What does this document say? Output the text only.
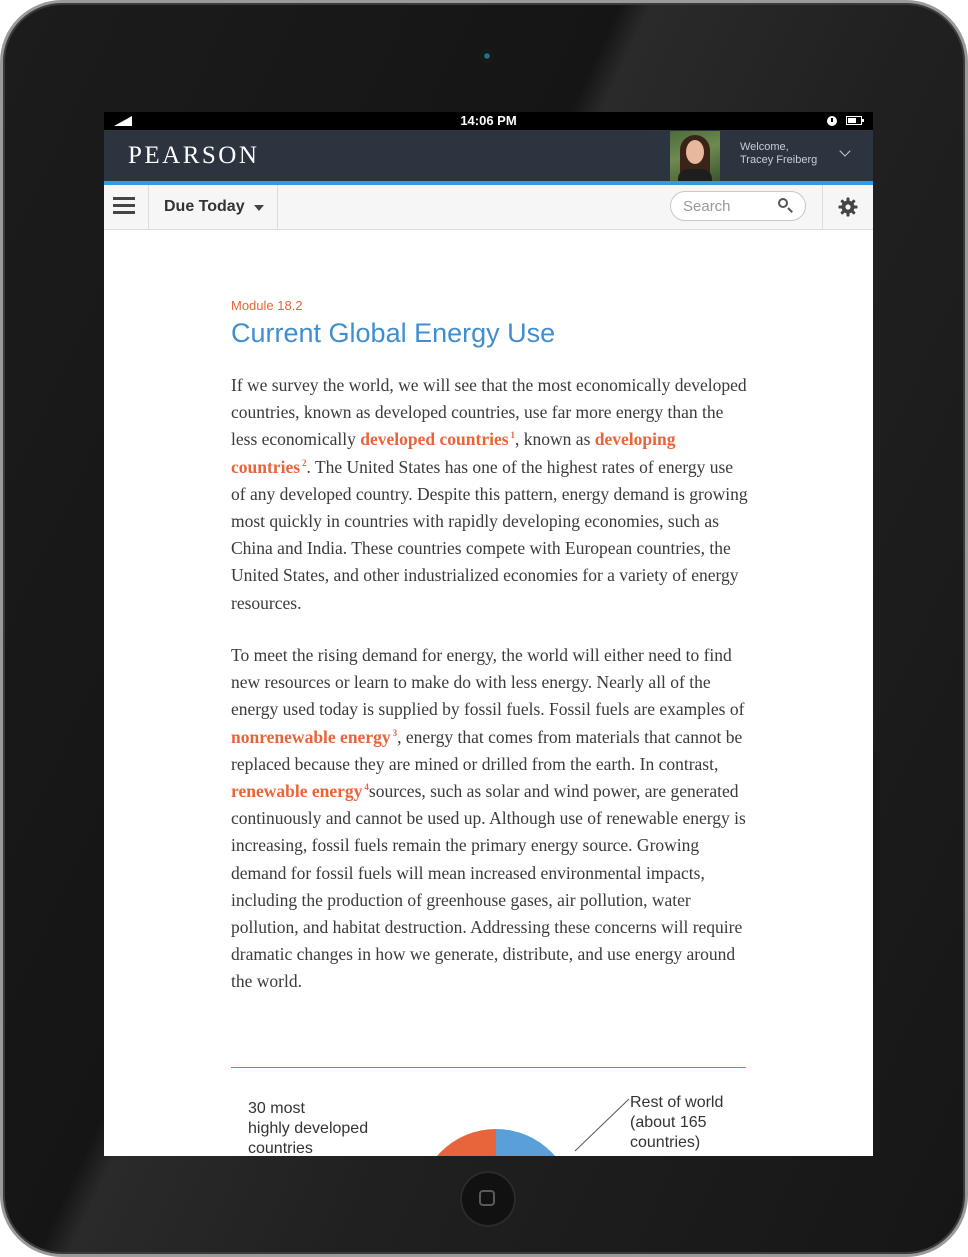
14:06 PM
PEARSON	Welcome,
Tracey Freiberg
Due Today
Search
Module 18.2
Current Global Energy Use

If we survey the world, we will see that the most economically developed countries, known as developed countries, use far more energy than the less economically developed countries $^1$, known as developing countries $^2$. The United States has one of the highest rates of energy use of any developed country. Despite this pattern, energy demand is growing most quickly in countries with rapidly developing economies, such as China and India. These countries compete with European countries, the United States, and other industrialized economies for a variety of energy resources.

To meet the rising demand for energy, the world will either need to find new resources or learn to make do with less energy. Nearly all of the energy used today is supplied by fossil fuels. Fossil fuels are examples of nonrenewable energy $^3$, energy that comes from materials that cannot be replaced because they are mined or drilled from the earth. In contrast, renewable energy $^4$sources, such as solar and wind power, are generated continuously and cannot be used up. Although use of renewable energy is increasing, fossil fuels remain the primary energy source. Growing demand for fossil fuels will mean increased environmental impacts, including the production of greenhouse gases, air pollution, water pollution, and habitat destruction. Addressing these concerns will require dramatic changes in how we generate, distribute, and use energy around the world.

30 most
highly developed
countries
Rest of world
(about 165
countries)
